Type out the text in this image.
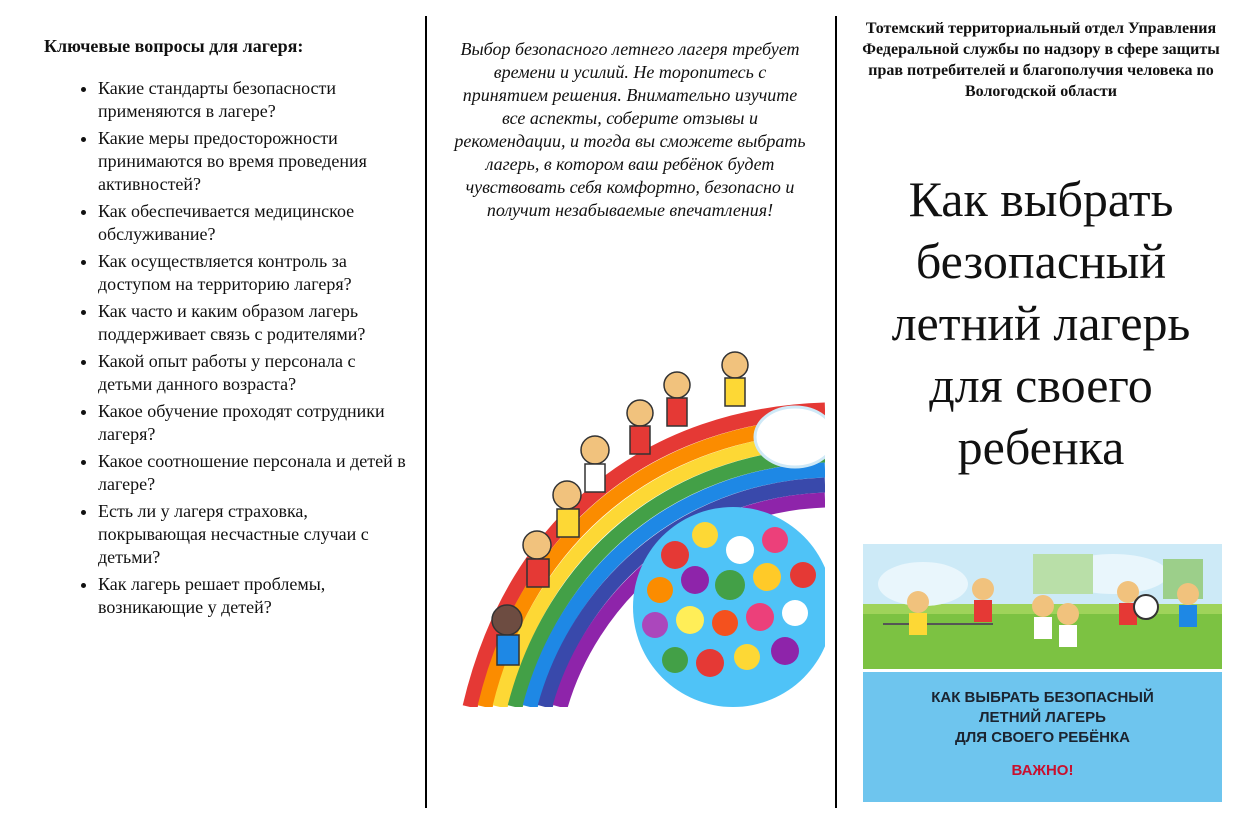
Ключевые вопросы для лагеря:
• Какие стандарты безопасности применяются в лагере?
• Какие меры предосторожности принимаются во время проведения активностей?
• Как обеспечивается медицинское обслуживание?
• Как осуществляется контроль за доступом на территорию лагеря?
• Как часто и каким образом лагерь поддерживает связь с родителями?
• Какой опыт работы у персонала с детьми данного возраста?
• Какое обучение проходят сотрудники лагеря?
• Какое соотношение персонала и детей в лагере?
• Есть ли у лагеря страховка, покрывающая несчастные случаи с детьми?
• Как лагерь решает проблемы, возникающие у детей?

Выбор безопасного летнего лагеря требует времени и усилий. Не торопитесь с принятием решения. Внимательно изучите все аспекты, соберите отзывы и рекомендации, и тогда вы сможете выбрать лагерь, в котором ваш ребёнок будет чувствовать себя комфортно, безопасно и получит незабываемые впечатления!

Тотемский территориальный отдел Управления Федеральной службы по надзору в сфере защиты прав потребителей и благополучия человека по Вологодской области
Как выбрать безопасный летний лагерь для своего ребенка
КАК ВЫБРАТЬ БЕЗОПАСНЫЙ
ЛЕТНИЙ ЛАГЕРЬ
ДЛЯ СВОЕГО РЕБЁНКА
ВАЖНО!
